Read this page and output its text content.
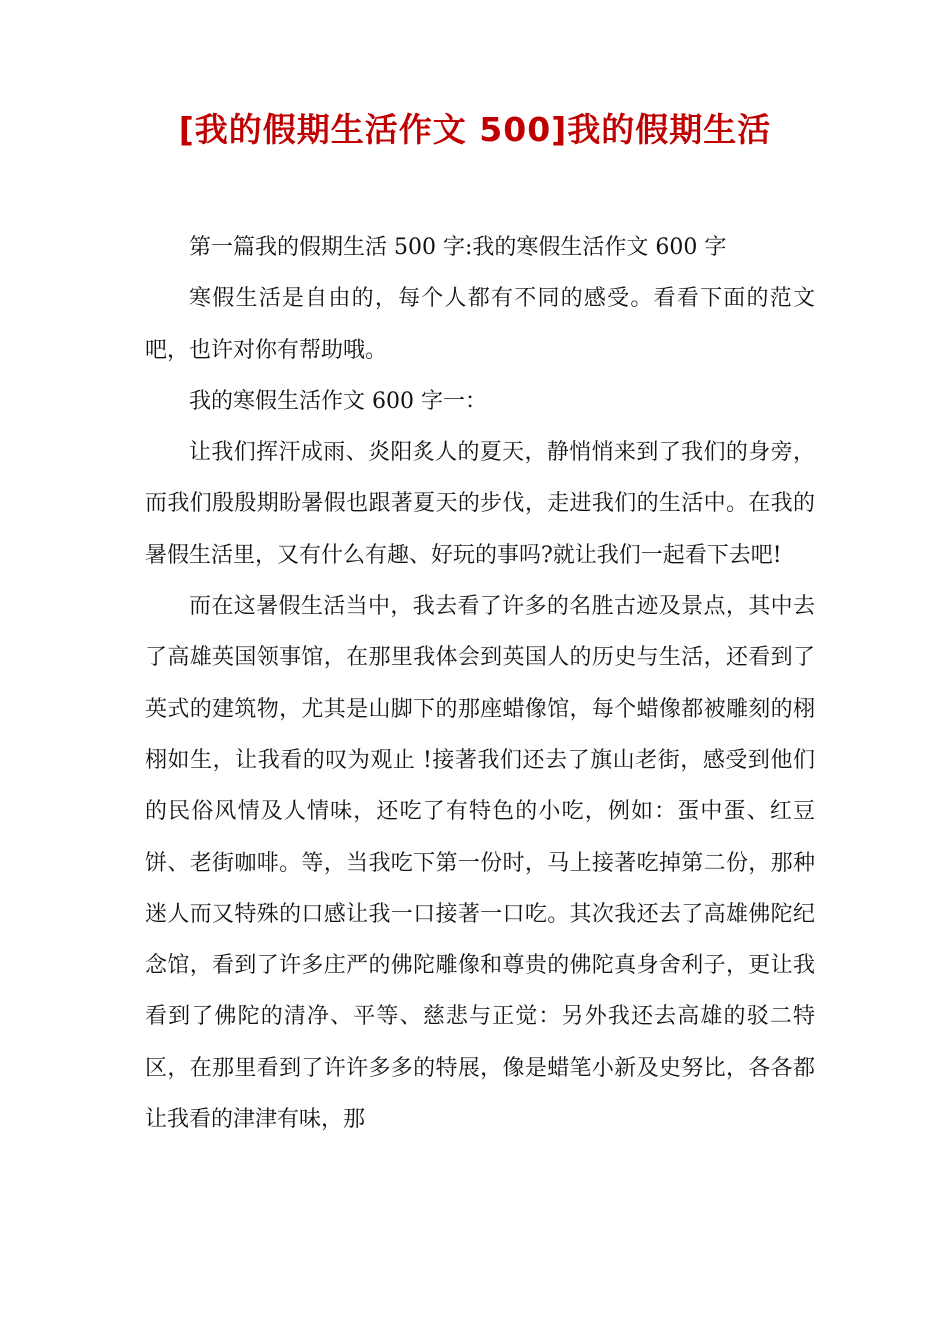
[我的假期生活作文 500]我的假期生活

第一篇我的假期生活 500 字:我的寒假生活作文 600 字

寒假生活是自由的，每个人都有不同的感受。看看下面的范文吧，也许对你有帮助哦。

我的寒假生活作文 600 字一：

让我们挥汗成雨、炎阳炙人的夏天，静悄悄来到了我们的身旁，而我们殷殷期盼暑假也跟著夏天的步伐，走进我们的生活中。在我的暑假生活里，又有什么有趣、好玩的事吗?就让我们一起看下去吧!

而在这暑假生活当中，我去看了许多的名胜古迹及景点，其中去了高雄英国领事馆，在那里我体会到英国人的历史与生活，还看到了英式的建筑物，尤其是山脚下的那座蜡像馆，每个蜡像都被雕刻的栩栩如生，让我看的叹为观止 !接著我们还去了旗山老街，感受到他们的民俗风情及人情味，还吃了有特色的小吃，例如：蛋中蛋、红豆饼、老街咖啡。等，当我吃下第一份时，马上接著吃掉第二份，那种迷人而又特殊的口感让我一口接著一口吃。其次我还去了高雄佛陀纪念馆，看到了许多庄严的佛陀雕像和尊贵的佛陀真身舍利子，更让我看到了佛陀的清净、平等、慈悲与正觉：另外我还去高雄的驳二特区，在那里看到了许许多多的特展，像是蜡笔小新及史努比，各各都让我看的津津有味，那
